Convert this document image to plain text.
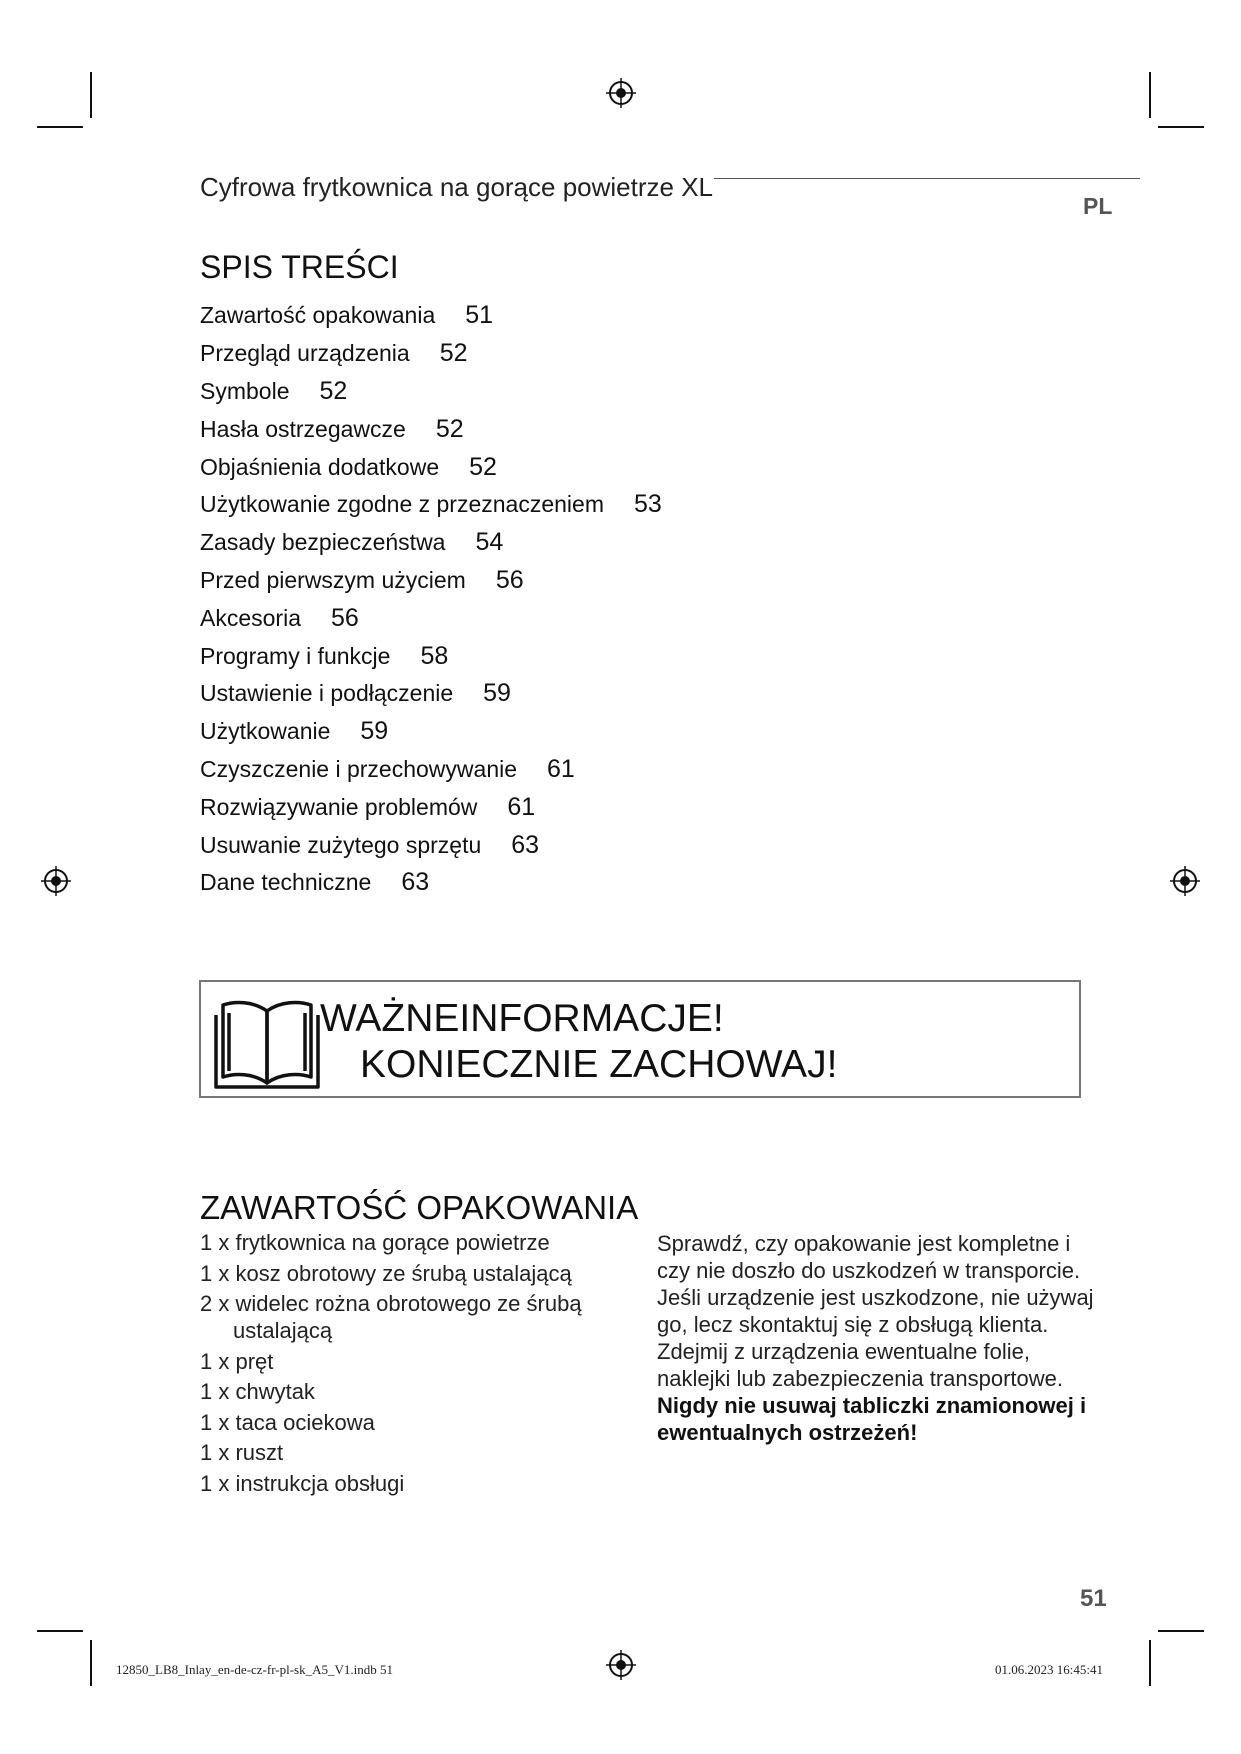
Cyfrowa frytkownica na gorące powietrze XL
PL
SPIS TREŚCI
Zawartość opakowania 51
Przegląd urządzenia 52
Symbole 52
Hasła ostrzegawcze 52
Objaśnienia dodatkowe 52
Użytkowanie zgodne z przeznaczeniem 53
Zasady bezpieczeństwa 54
Przed pierwszym użyciem 56
Akcesoria 56
Programy i funkcje 58
Ustawienie i podłączenie 59
Użytkowanie 59
Czyszczenie i przechowywanie 61
Rozwiązywanie problemów 61
Usuwanie zużytego sprzętu 63
Dane techniczne 63
WAŻNEINFORMACJE!
KONIECZNIE ZACHOWAJ!
ZAWARTOŚĆ OPAKOWANIA
1 x frytkownica na gorące powietrze
1 x kosz obrotowy ze śrubą ustalającą
2 x widelec rożna obrotowego ze śrubą
ustalającą
1 x pręt
1 x chwytak
1 x taca ociekowa
1 x ruszt
1 x instrukcja obsługi

Sprawdź, czy opakowanie jest kompletne i czy nie doszło do uszkodzeń w transporcie. Jeśli urządzenie jest uszkodzone, nie używaj go, lecz skontaktuj się z obsługą klienta.

Zdejmij z urządzenia ewentualne folie, naklejki lub zabezpieczenia transportowe.

Nigdy nie usuwaj tabliczki znamionowej i ewentualnych ostrzeżeń!

51
12850_LB8_Inlay_en-de-cz-fr-pl-sk_A5_V1.indb 51	01.06.2023 16:45:41
